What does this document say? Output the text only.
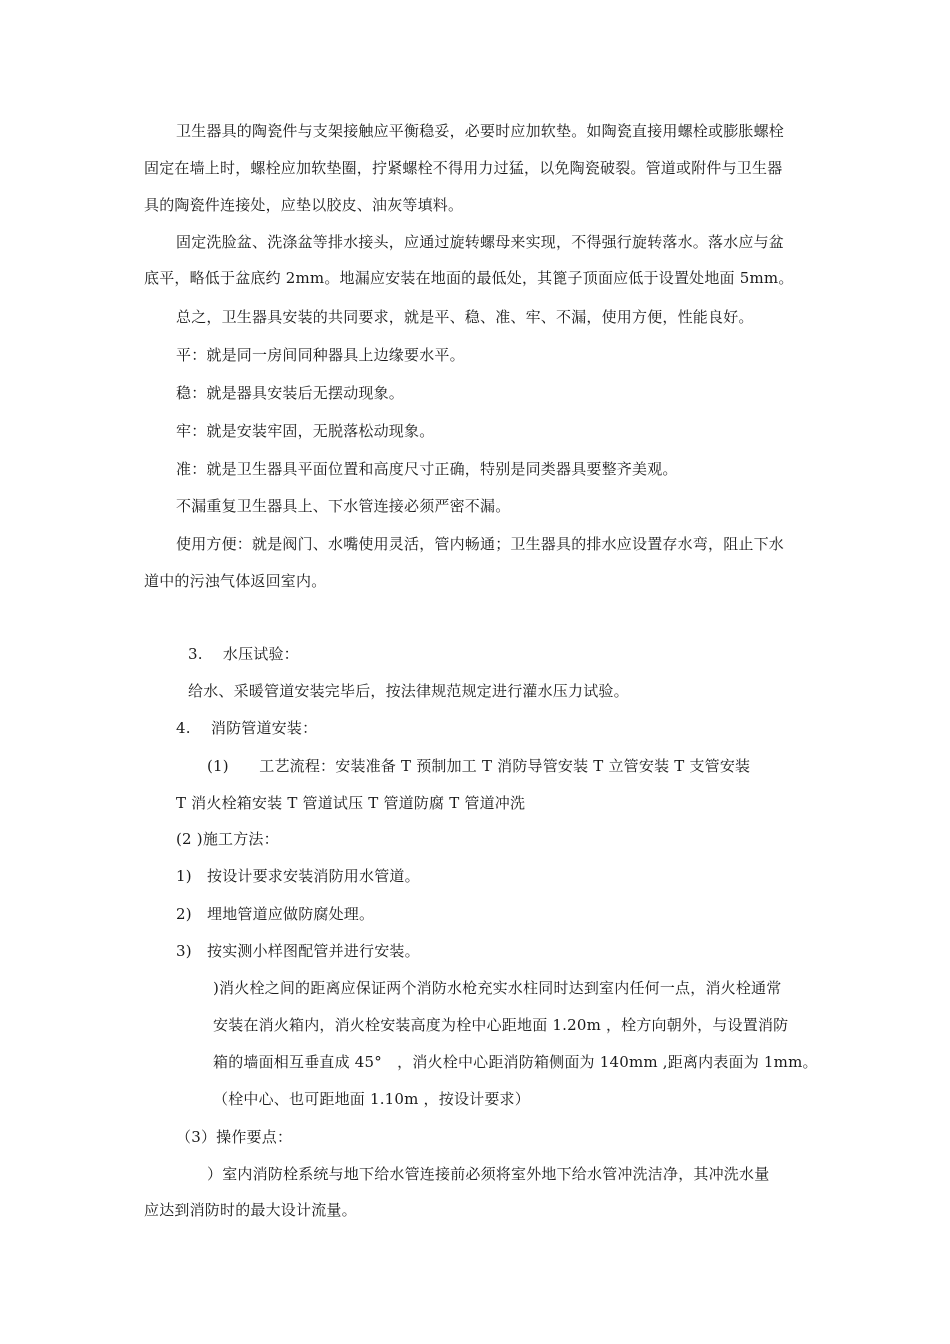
卫生器具的陶瓷件与支架接触应平衡稳妥，必要时应加软垫。如陶瓷直接用螺栓或膨胀螺栓
固定在墙上时，螺栓应加软垫圈，拧紧螺栓不得用力过猛，以免陶瓷破裂。管道或附件与卫生器
具的陶瓷件连接处，应垫以胶皮、油灰等填料。
固定洗脸盆、洗涤盆等排水接头，应通过旋转螺母来实现，不得强行旋转落水。落水应与盆
底平，略低于盆底约 2mm。地漏应安装在地面的最低处，其篦子顶面应低于设置处地面 5mm。
总之，卫生器具安装的共同要求，就是平、稳、准、牢、不漏，使用方便，性能良好。
平：就是同一房间同种器具上边缘要水平。
稳：就是器具安装后无摆动现象。
牢：就是安装牢固，无脱落松动现象。
准：就是卫生器具平面位置和高度尺寸正确，特别是同类器具要整齐美观。
不漏重复卫生器具上、下水管连接必须严密不漏。
使用方便：就是阀门、水嘴使用灵活，管内畅通；卫生器具的排水应设置存水弯，阻止下水
道中的污浊气体返回室内。
3.　 水压试验：
给水、采暖管道安装完毕后，按法律规范规定进行灌水压力试验。
4.　 消防管道安装：
(1)　　工艺流程：安装准备 T 预制加工 T 消防导管安装 T 立管安装 T 支管安装
T 消火栓箱安装 T 管道试压 T 管道防腐 T 管道冲洗
(2 )施工方法：
1)　按设计要求安装消防用水管道。
2)　埋地管道应做防腐处理。
3)　按实测小样图配管并进行安装。
)消火栓之间的距离应保证两个消防水枪充实水柱同时达到室内任何一点，消火栓通常
安装在消火箱内，消火栓安装高度为栓中心距地面 1.20m ，栓方向朝外，与设置消防
箱的墙面相互垂直成 45°　，消火栓中心距消防箱侧面为 140mm ,距离内表面为 1mm。
（栓中心、也可距地面 1.10m ，按设计要求）
（3）操作要点：
）室内消防栓系统与地下给水管连接前必须将室外地下给水管冲洗洁净，其冲洗水量
应达到消防时的最大设计流量。
